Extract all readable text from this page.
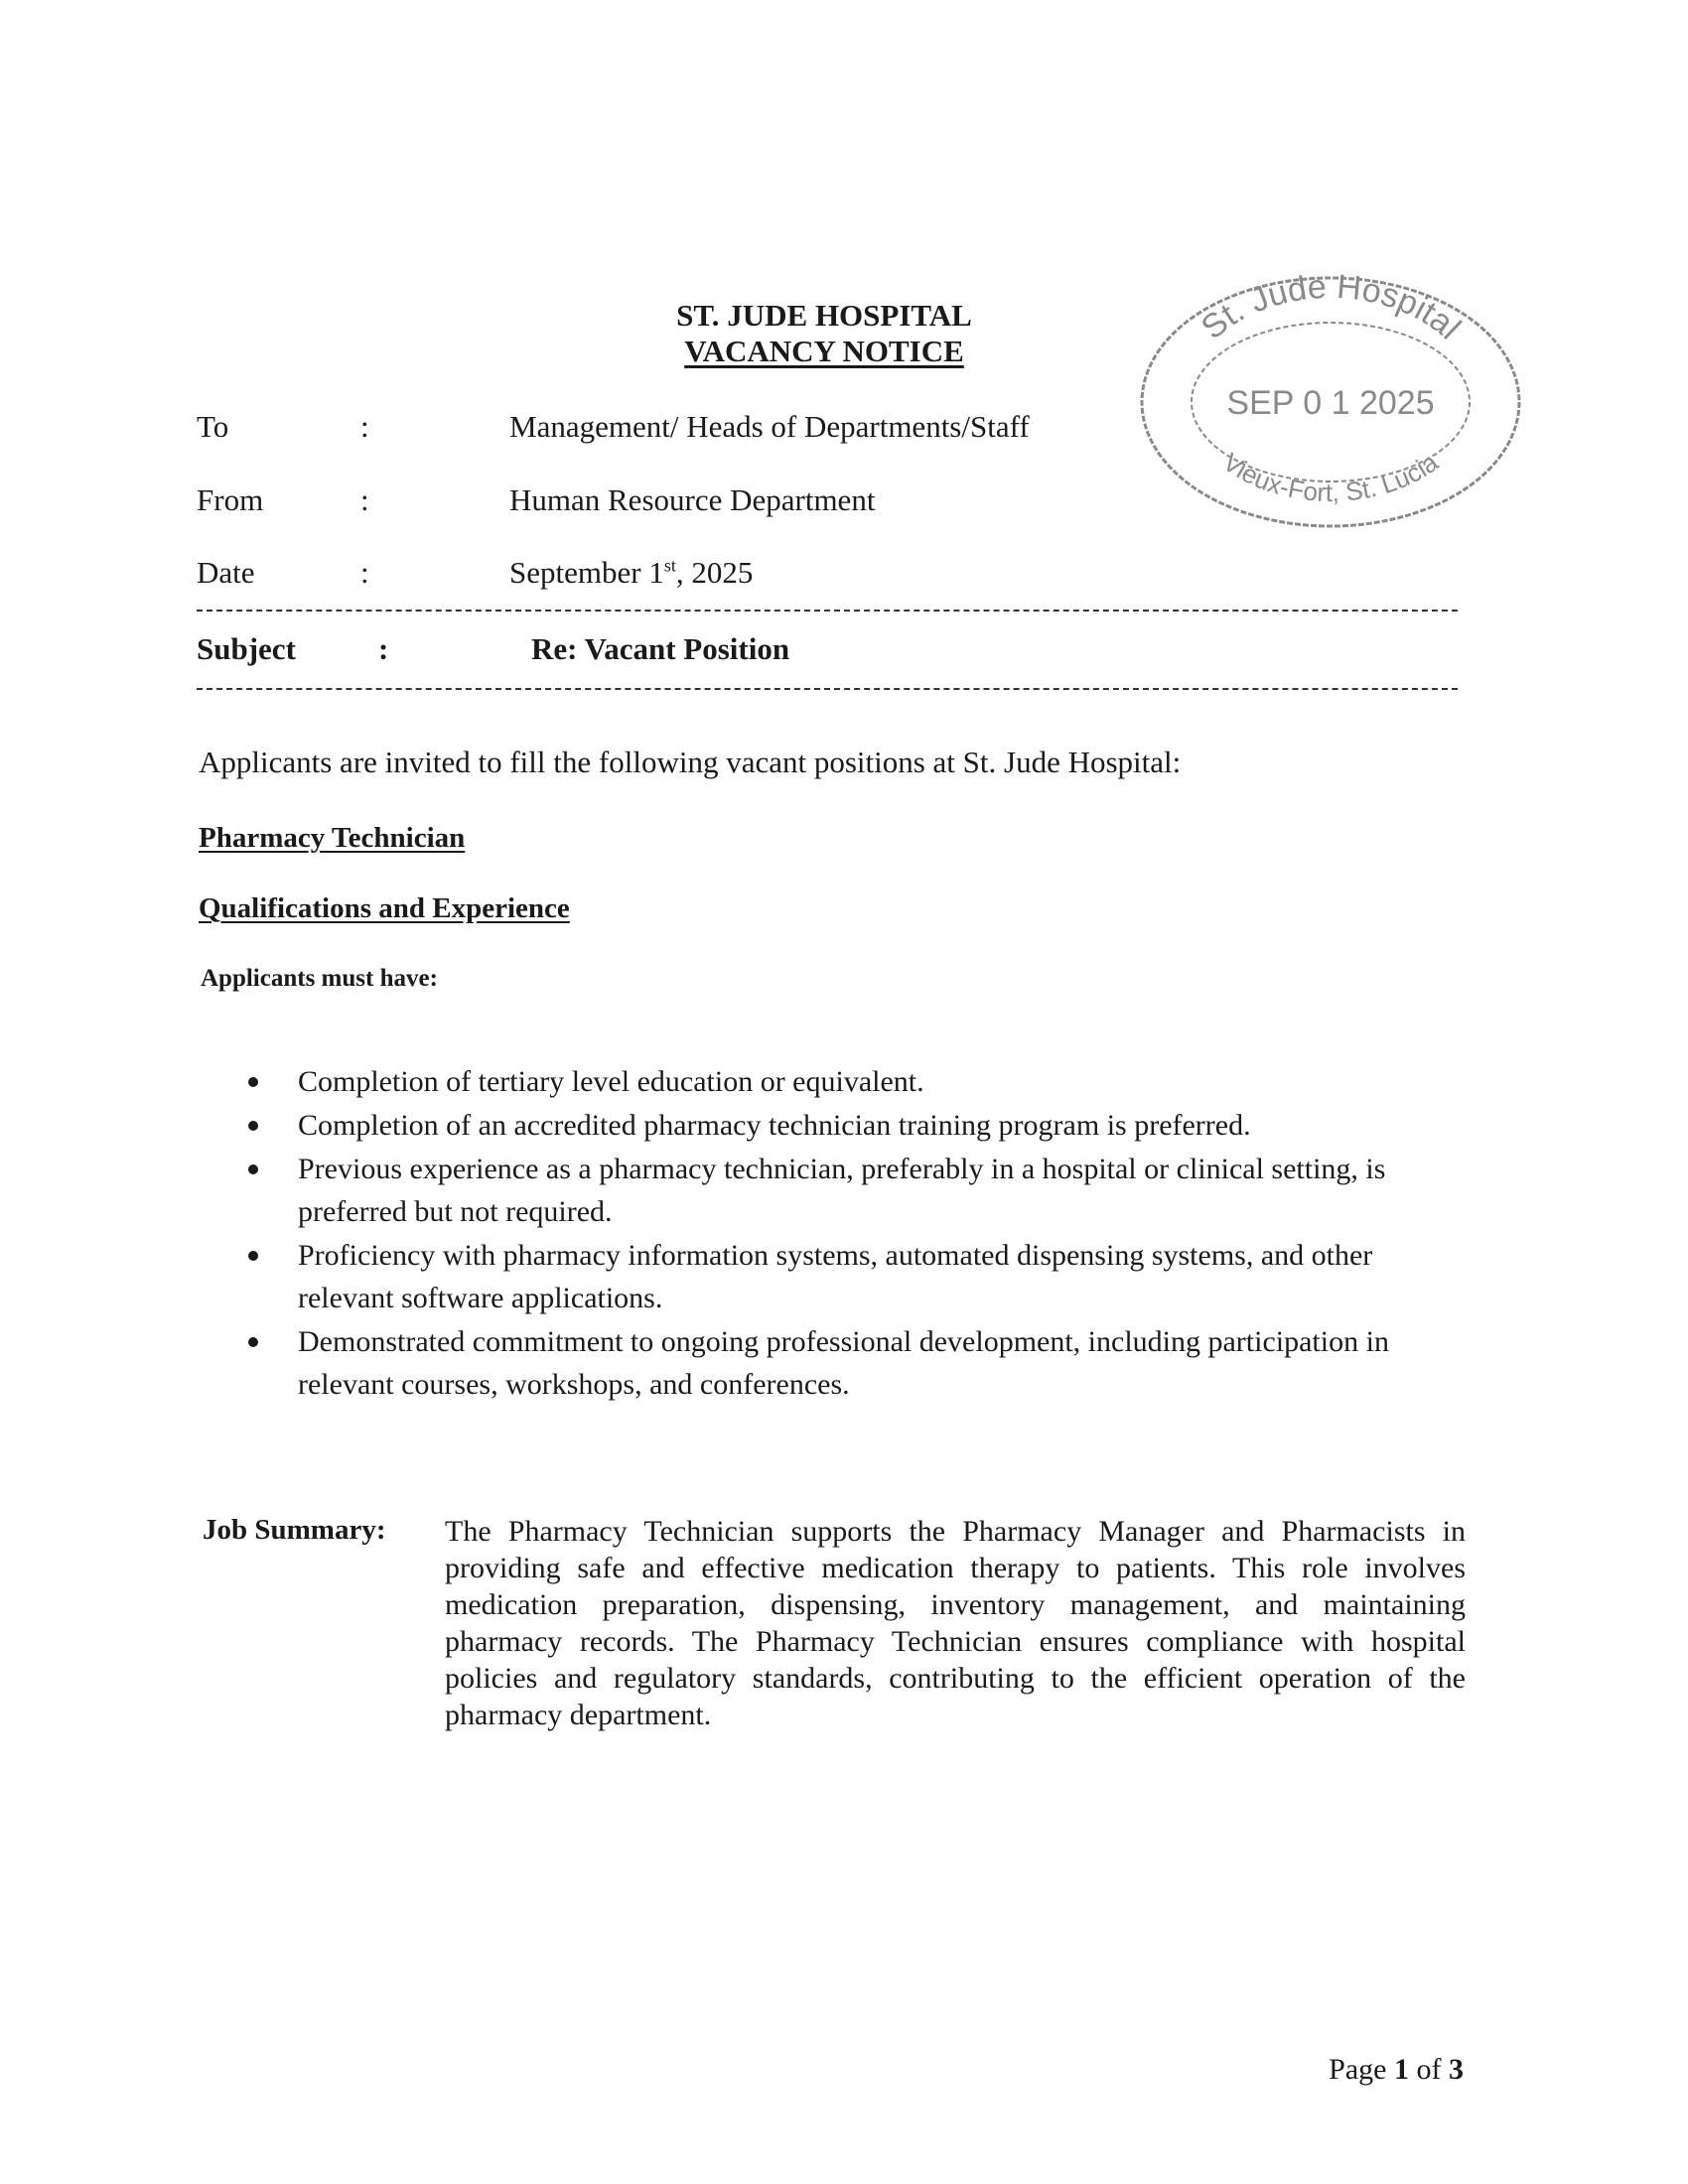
ST. JUDE HOSPITAL
VACANCY NOTICE
St. Jude Hospital
SEP 0 1 2025
Vieux-Fort, St. Lucia
To	:	Management/ Heads of Departments/Staff
From	:	Human Resource Department
Date	:	September 1st, 2025
Subject	:	Re: Vacant Position
Applicants are invited to fill the following vacant positions at St. Jude Hospital:
Pharmacy Technician
Qualifications and Experience
Applicants must have:
Completion of tertiary level education or equivalent.
Completion of an accredited pharmacy technician training program is preferred.
Previous experience as a pharmacy technician, preferably in a hospital or clinical setting, is preferred but not required.
Proficiency with pharmacy information systems, automated dispensing systems, and other relevant software applications.
Demonstrated commitment to ongoing professional development, including participation in relevant courses, workshops, and conferences.
Job Summary: The Pharmacy Technician supports the Pharmacy Manager and Pharmacists in providing safe and effective medication therapy to patients. This role involves medication preparation, dispensing, inventory management, and maintaining pharmacy records. The Pharmacy Technician ensures compliance with hospital policies and regulatory standards, contributing to the efficient operation of the pharmacy department.
Page 1 of 3
